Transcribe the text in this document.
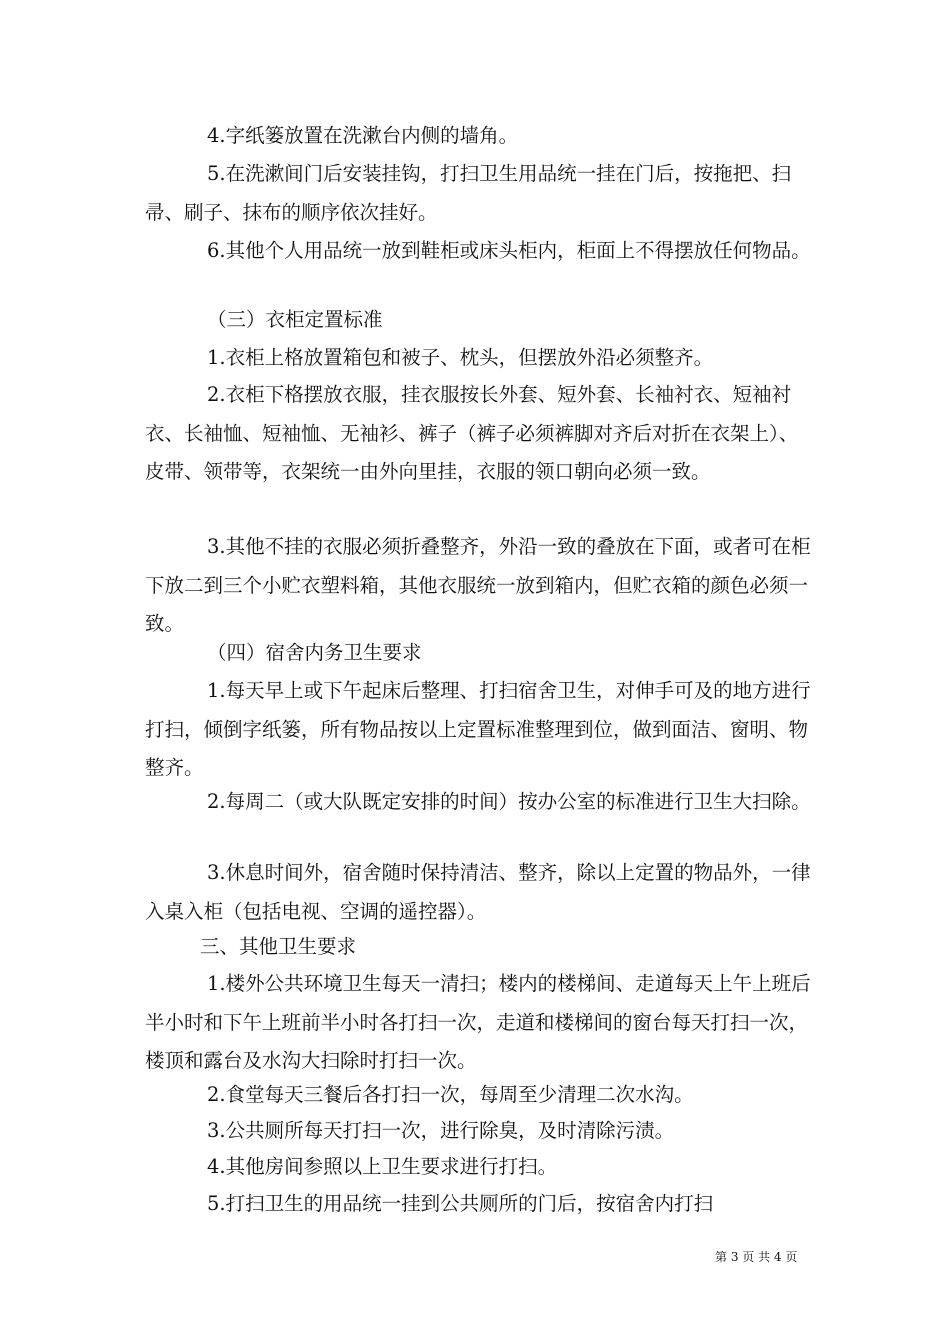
4.字纸篓放置在洗漱台内侧的墙角。

5.在洗漱间门后安装挂钩，打扫卫生用品统一挂在门后，按拖把、扫帚、刷子、抹布的顺序依次挂好。

6.其他个人用品统一放到鞋柜或床头柜内，柜面上不得摆放任何物品。

（三）衣柜定置标准

1.衣柜上格放置箱包和被子、枕头，但摆放外沿必须整齐。

2.衣柜下格摆放衣服，挂衣服按长外套、短外套、长袖衬衣、短袖衬衣、长袖恤、短袖恤、无袖衫、裤子（裤子必须裤脚对齐后对折在衣架上）、皮带、领带等，衣架统一由外向里挂，衣服的领口朝向必须一致。

3.其他不挂的衣服必须折叠整齐，外沿一致的叠放在下面，或者可在柜下放二到三个小贮衣塑料箱，其他衣服统一放到箱内，但贮衣箱的颜色必须一致。

（四）宿舍内务卫生要求

1.每天早上或下午起床后整理、打扫宿舍卫生，对伸手可及的地方进行打扫，倾倒字纸篓，所有物品按以上定置标准整理到位，做到面洁、窗明、物整齐。

2.每周二（或大队既定安排的时间）按办公室的标准进行卫生大扫除。

3.休息时间外，宿舍随时保持清洁、整齐，除以上定置的物品外，一律入桌入柜（包括电视、空调的遥控器）。

三、其他卫生要求

1.楼外公共环境卫生每天一清扫；楼内的楼梯间、走道每天上午上班后半小时和下午上班前半小时各打扫一次，走道和楼梯间的窗台每天打扫一次，楼顶和露台及水沟大扫除时打扫一次。

2.食堂每天三餐后各打扫一次，每周至少清理二次水沟。

3.公共厕所每天打扫一次，进行除臭，及时清除污渍。

4.其他房间参照以上卫生要求进行打扫。

5.打扫卫生的用品统一挂到公共厕所的门后，按宿舍内打扫

第 3 页 共 4 页
